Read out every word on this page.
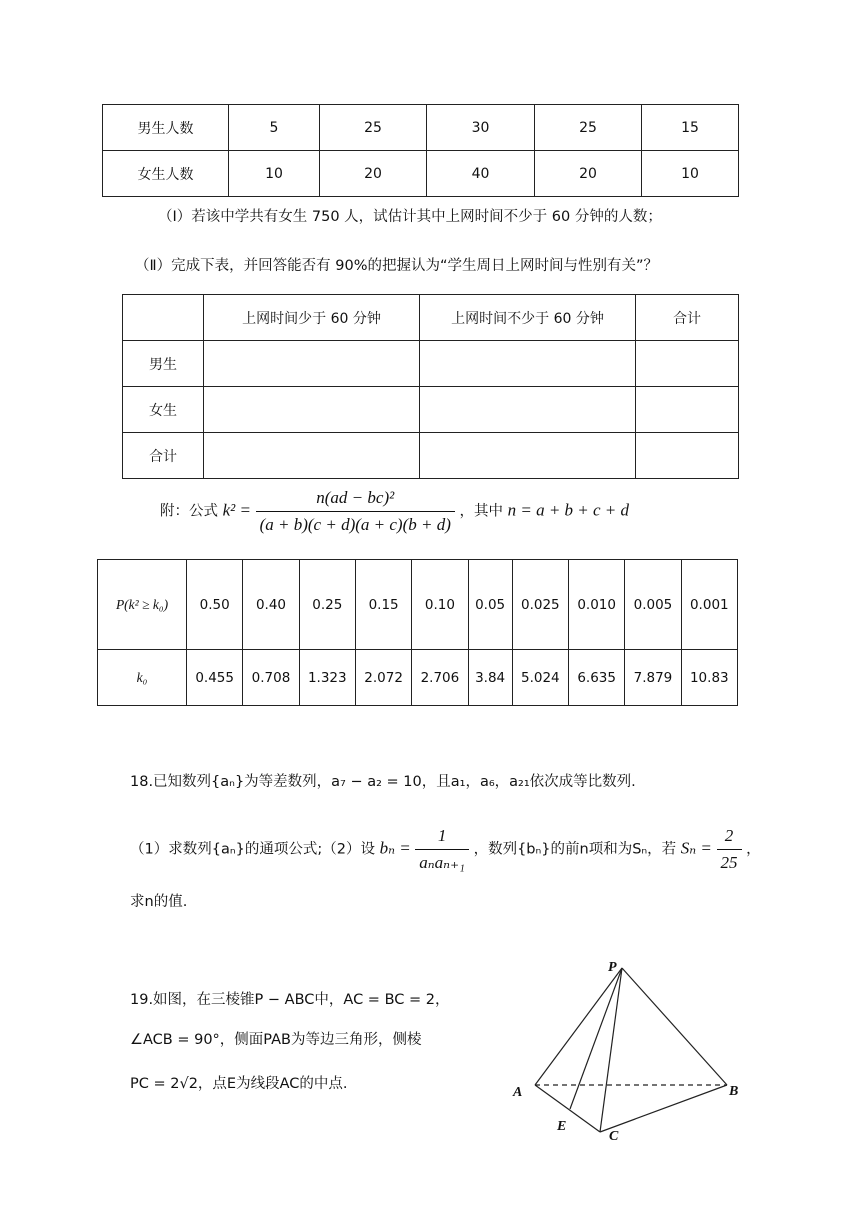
男生人数	5	25	30	25	15
女生人数	10	20	40	20	10
（Ⅰ）若该中学共有女生 750 人，试估计其中上网时间不少于 60 分钟的人数；
（Ⅱ）完成下表，并回答能否有 90%的把握认为“学生周日上网时间与性别有关”？
	上网时间少于 60 分钟	上网时间不少于 60 分钟	合计
男生			
女生			
合计			
附：公式 $k^2 = \frac{\text{n(ad − bc)²}}{(a + b)(c + d)(a + c)(b + d)}$ ，其中 n = a + b + c + d
P(k² ≥ k₀)	0.50	0.40	0.25	0.15	0.10	0.05	0.025	0.010	0.005	0.001
k₀	0.455	0.708	1.323	2.072	2.706	3.84	5.024	6.635	7.879	10.83
18.已知数列{aₙ}为等差数列，a₇ − a₂ = 10，且a₁，a₆，a₂₁依次成等比数列.
（1）求数列{aₙ}的通项公式;（2）设 $b_n = \frac{1}{\text{aₙaₙ₊₁}}$ ，数列{bₙ}的前n项和为Sₙ，若 $S_n = \frac{2}{25}$ ，
求n的值.
19.如图，在三棱锥P − ABC中，AC = BC = 2，
∠ACB = 90°，侧面PAB为等边三角形，侧棱
PC = 2√2，点E为线段AC的中点.
P
A	B
C
E
